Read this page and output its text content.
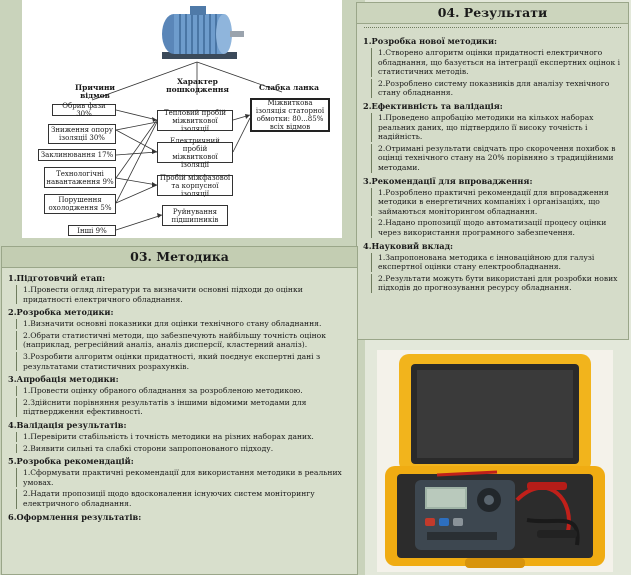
Причини відмов
Характер пошкодження	Слабка ланка
Обрив фази 30%
Зниження опору ізоляції 30%
Заклинювання 17%
Технологічні навантаження 9%
Порушення охолодження 5%
Інші 9%
Тепловий пробій міжвиткової ізоляції
Електричний пробій міжвиткової ізоляції
Пробій міжфазової та корпусної ізоляції
Руйнування підшипників
Міжвиткова ізоляція статорної обмотки: 80...85% всіх відмов
04. Результати
1.Розробка нової методики:
1.Створено алгоритм оцінки придатності електричного обладнання, що базується на інтеграції експертних оцінок і статистичних методів.
2.Розроблено систему показників для аналізу технічного стану обладнання.
2.Ефективність та валідація:
1.Проведено апробацію методики на кількох наборах реальних даних, що підтвердило її високу точність і надійність.
2.Отримані результати свідчать про скорочення похибок в оцінці технічного стану на 20% порівняно з традиційними методами.
3.Рекомендації для впровадження:
1.Розроблено практичні рекомендації для впровадження методики в енергетичних компаніях і організаціях, що займаються моніторингом обладнання.
2.Надано пропозиції щодо автоматизації процесу оцінки через використання програмного забезпечення.
4.Науковий вклад:
1.Запропонована методика є інноваційною для галузі експертної оцінки стану електрообладнання.
2.Результати можуть бути використані для розробки нових підходів до прогнозування ресурсу обладнання.
03. Методика
1.Підготовчий етап:
1.Провести огляд літератури та визначити основні підходи до оцінки придатності електричного обладнання.
2.Розробка методики:
1.Визначити основні показники для оцінки технічного стану обладнання.
2.Обрати статистичні методи, що забезпечують найбільшу точність оцінок (наприклад, регресійний аналіз, аналіз дисперсії, кластерний аналіз).
3.Розробити алгоритм оцінки придатності, який поєднує експертні дані з результатами статистичних розрахунків.
3.Апробація методики:
1.Провести оцінку обраного обладнання за розробленою методикою.
2.Здійснити порівняння результатів з іншими відомими методами для підтвердження ефективності.
4.Валідація результатів:
1.Перевірити стабільність і точність методики на різних наборах даних.
2.Виявити сильні та слабкі сторони запропонованого підходу.
5.Розробка рекомендацій:
1.Сформувати практичні рекомендації для використання методики в реальних умовах.
2.Надати пропозиції щодо вдосконалення існуючих систем моніторингу електричного обладнання.
6.Оформлення результатів:
